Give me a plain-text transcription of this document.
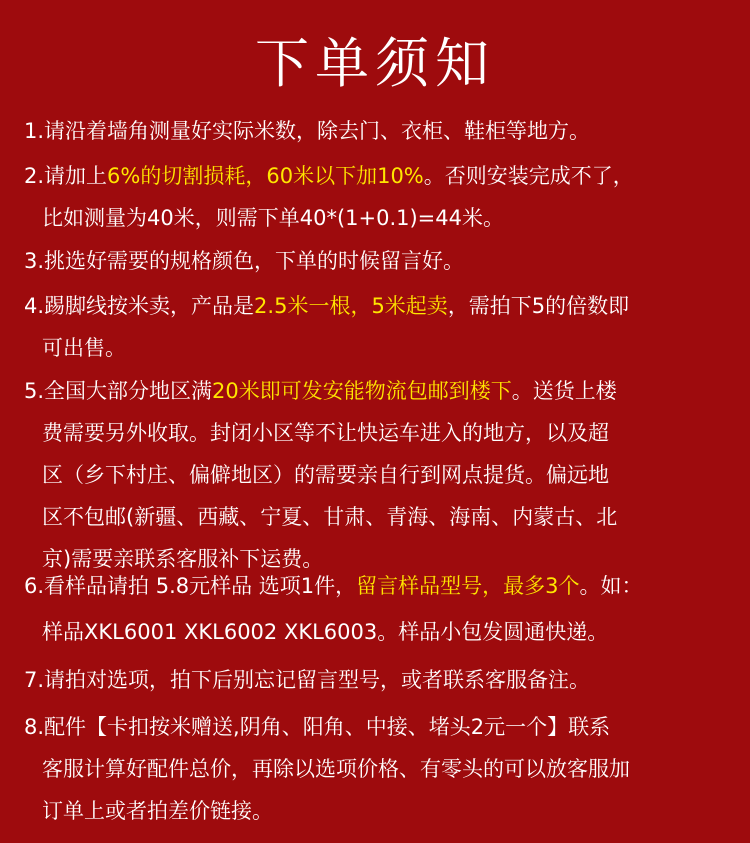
下单须知
1.请沿着墙角测量好实际米数，除去门、衣柜、鞋柜等地方。
2.请加上6%的切割损耗，60米以下加10%。否则安装完成不了，
比如测量为40米，则需下单40*(1+0.1)=44米。
3.挑选好需要的规格颜色，下单的时候留言好。
4.踢脚线按米卖，产品是2.5米一根，5米起卖，需拍下5的倍数即
可出售。
5.全国大部分地区满20米即可发安能物流包邮到楼下。送货上楼
费需要另外收取。封闭小区等不让快运车进入的地方，以及超
区（乡下村庄、偏僻地区）的需要亲自行到网点提货。偏远地
区不包邮(新疆、西藏、宁夏、甘肃、青海、海南、内蒙古、北
京)需要亲联系客服补下运费。
6.看样品请拍 5.8元样品 选项1件，留言样品型号，最多3个。如：
样品XKL6001 XKL6002 XKL6003。样品小包发圆通快递。
7.请拍对选项，拍下后别忘记留言型号，或者联系客服备注。
8.配件【卡扣按米赠送,阴角、阳角、中接、堵头2元一个】联系
客服计算好配件总价，再除以选项价格、有零头的可以放客服加
订单上或者拍差价链接。
